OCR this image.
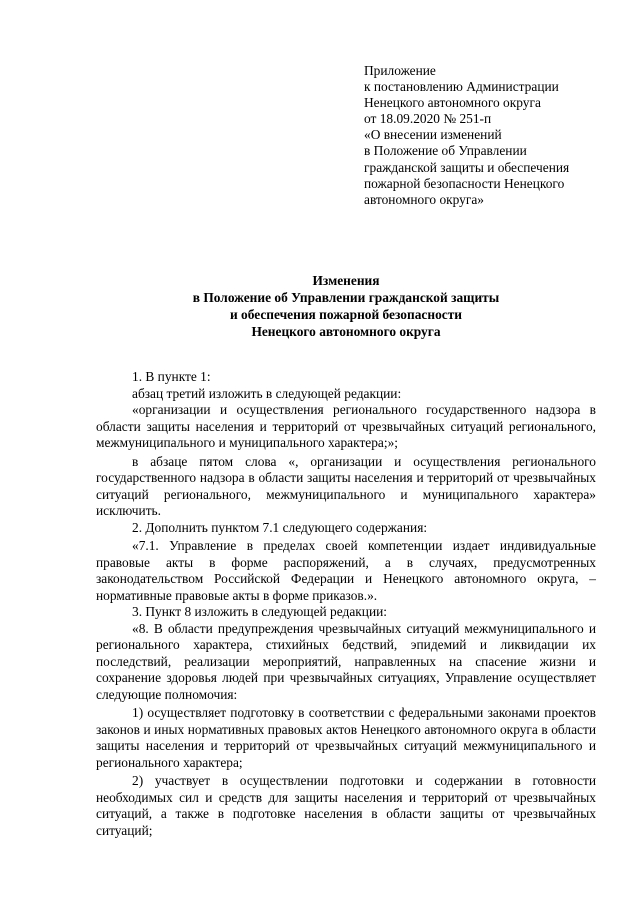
Приложение
к постановлению Администрации
Ненецкого автономного округа
от 18.09.2020 № 251-п
«О внесении изменений
в Положение об Управлении
гражданской защиты и обеспечения
пожарной безопасности Ненецкого
автономного округа»
Изменения
в Положение об Управлении гражданской защиты
и обеспечения пожарной безопасности
Ненецкого автономного округа

1. В пункте 1:

абзац третий изложить в следующей редакции:

«организации и осуществления регионального государственного надзора в области защиты населения и территорий от чрезвычайных ситуаций регионального, межмуниципального и муниципального характера;»;

в абзаце пятом слова «, организации и осуществления регионального государственного надзора в области защиты населения и территорий от чрезвычайных ситуаций регионального, межмуниципального и муниципального характера» исключить.

2. Дополнить пунктом 7.1 следующего содержания:

«7.1. Управление в пределах своей компетенции издает индивидуальные правовые акты в форме распоряжений, а в случаях, предусмотренных законодательством Российской Федерации и Ненецкого автономного округа, – нормативные правовые акты в форме приказов.».

3. Пункт 8 изложить в следующей редакции:

«8. В области предупреждения чрезвычайных ситуаций межмуниципального и регионального характера, стихийных бедствий, эпидемий и ликвидации их последствий, реализации мероприятий, направленных на спасение жизни и сохранение здоровья людей при чрезвычайных ситуациях, Управление осуществляет следующие полномочия:

1) осуществляет подготовку в соответствии с федеральными законами проектов законов и иных нормативных правовых актов Ненецкого автономного округа в области защиты населения и территорий от чрезвычайных ситуаций межмуниципального и регионального характера;

2) участвует в осуществлении подготовки и содержании в готовности необходимых сил и средств для защиты населения и территорий от чрезвычайных ситуаций, а также в подготовке населения в области защиты от чрезвычайных ситуаций;
